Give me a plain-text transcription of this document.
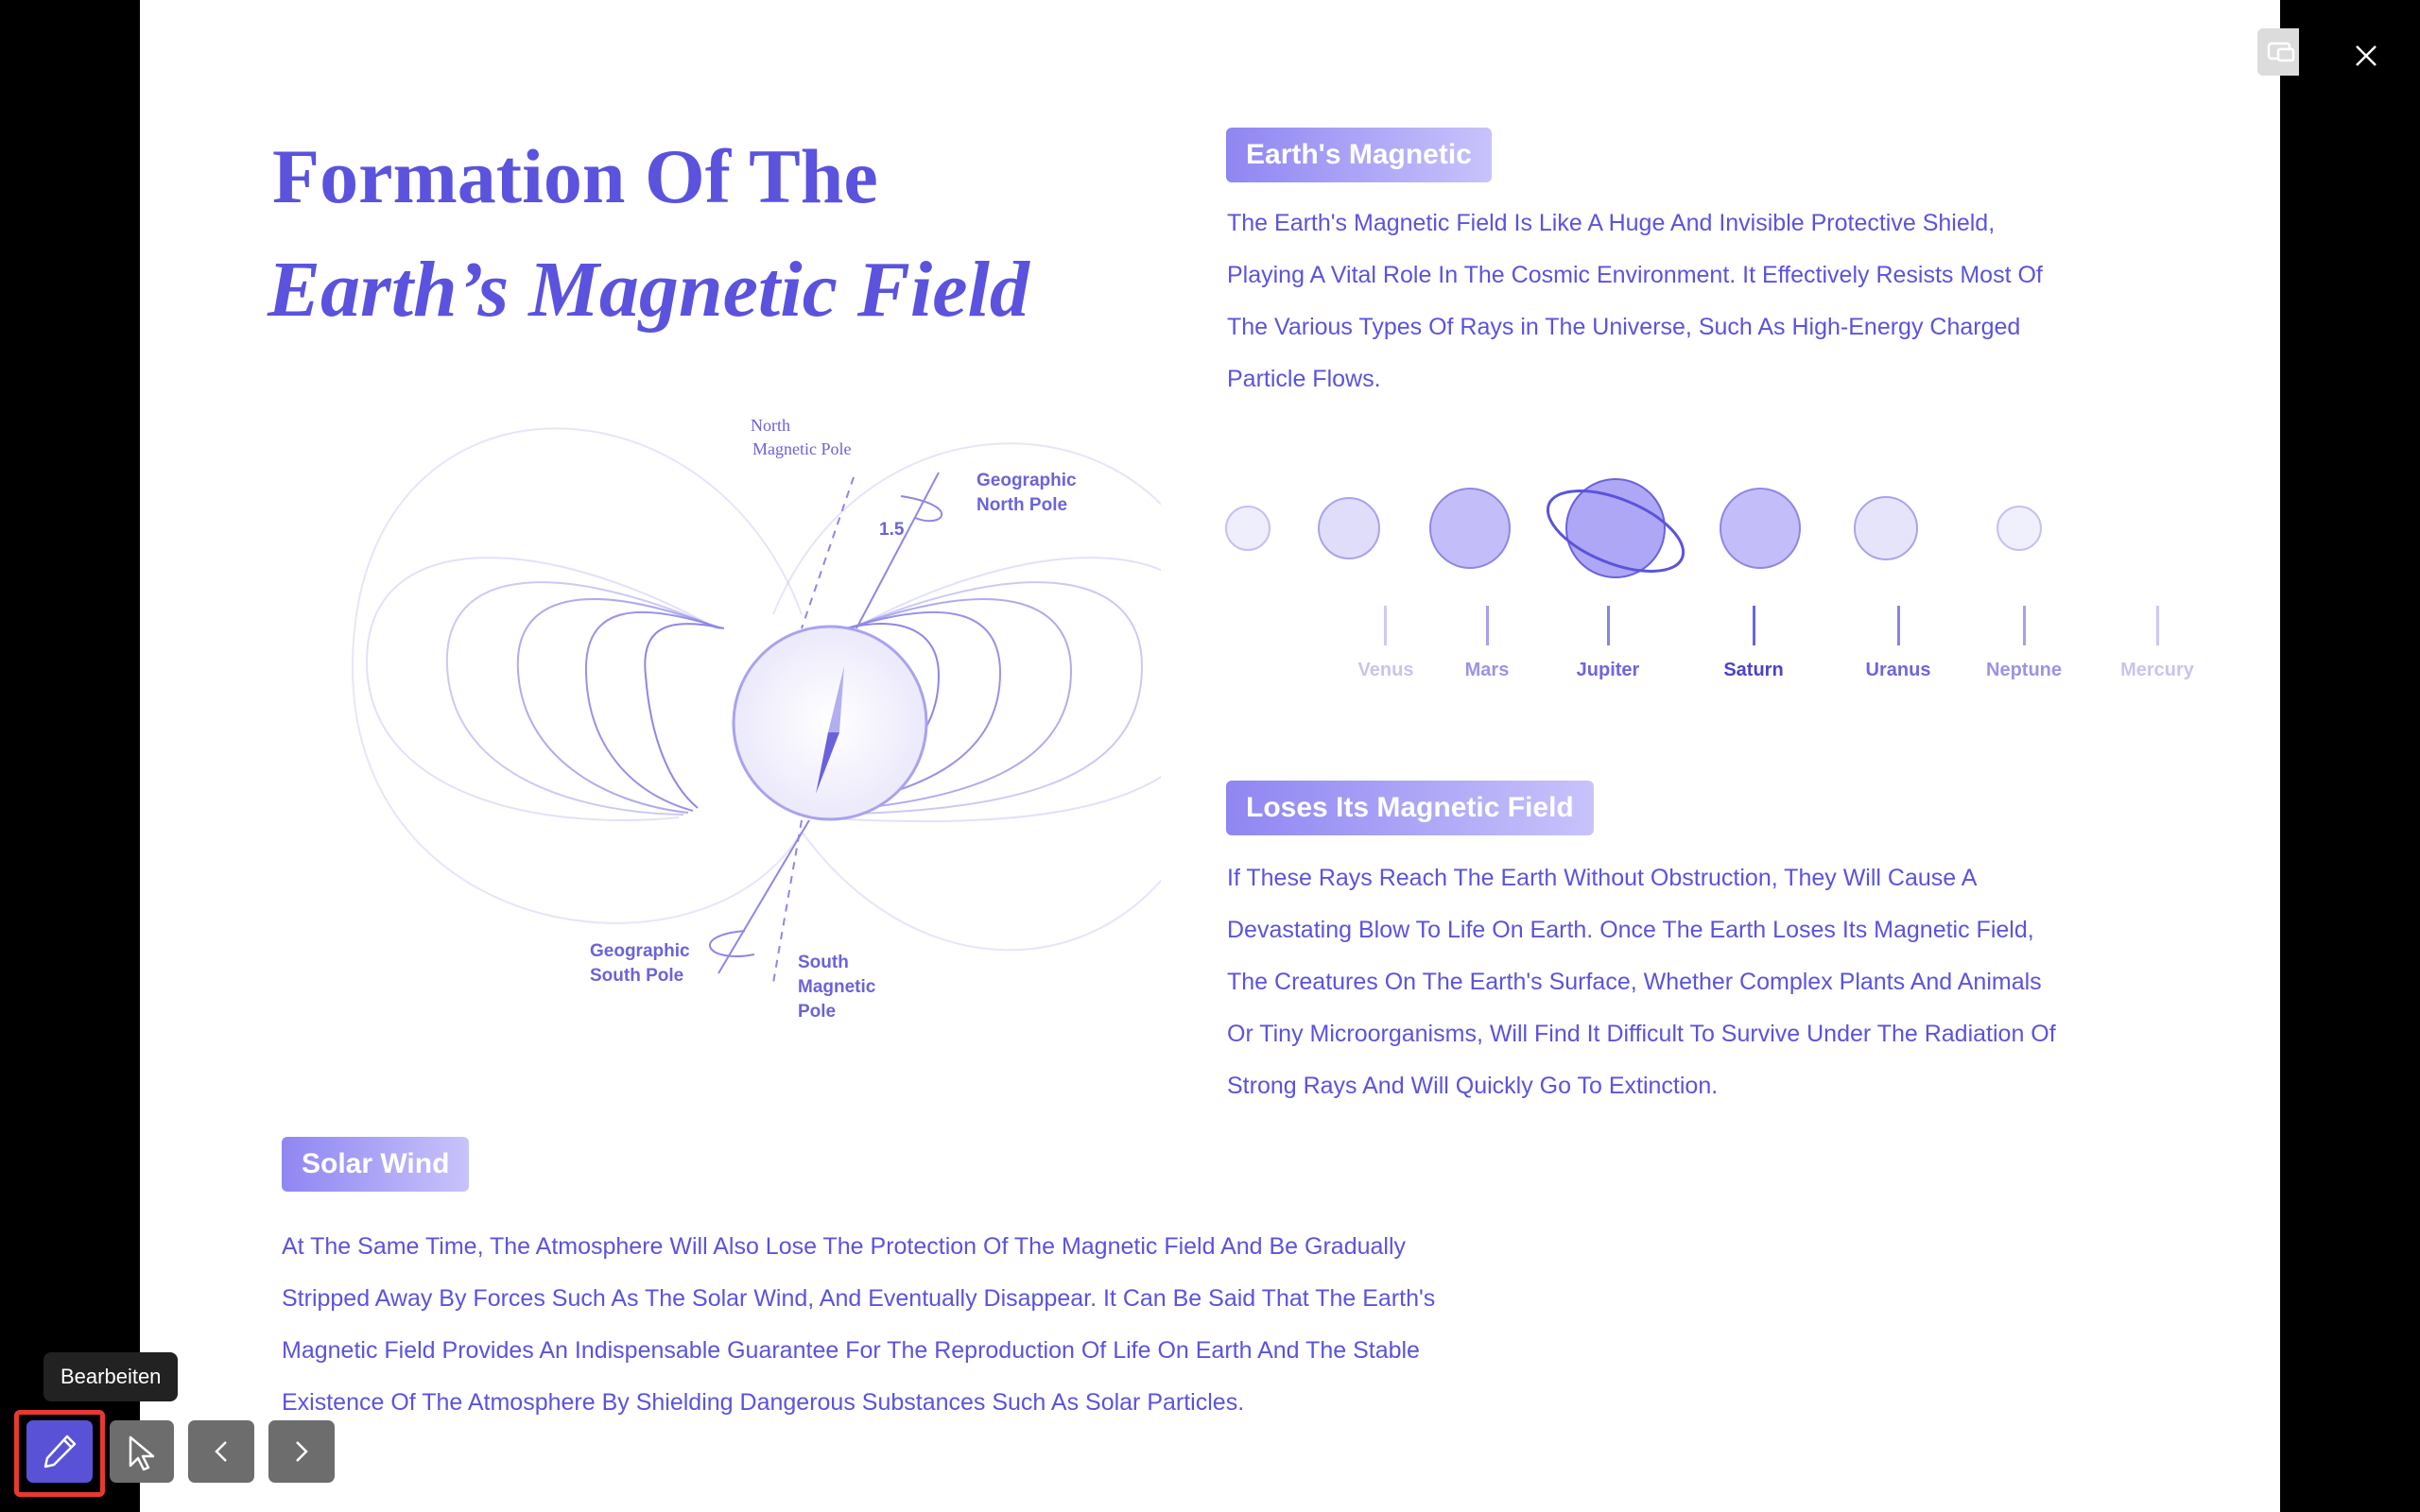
Formation Of The
Earth’s Magnetic Field
North
Magnetic Pole
Geographic
North Pole
1.5
Geographic
South Pole
South
Magnetic
Pole
Earth's Magnetic

The Earth's Magnetic Field Is Like A Huge And Invisible Protective Shield, Playing A Vital Role In The Cosmic Environment. It Effectively Resists Most Of The Various Types Of Rays in The Universe, Such As High-Energy Charged Particle Flows.

Venus	Mars	Jupiter	Saturn	Uranus	Neptune	Mercury
Loses Its Magnetic Field

If These Rays Reach The Earth Without Obstruction, They Will Cause A Devastating Blow To Life On Earth. Once The Earth Loses Its Magnetic Field, The Creatures On The Earth's Surface, Whether Complex Plants And Animals Or Tiny Microorganisms, Will Find It Difficult To Survive Under The Radiation Of Strong Rays And Will Quickly Go To Extinction.

Solar Wind

At The Same Time, The Atmosphere Will Also Lose The Protection Of The Magnetic Field And Be Gradually Stripped Away By Forces Such As The Solar Wind, And Eventually Disappear. It Can Be Said That The Earth's Magnetic Field Provides An Indispensable Guarantee For The Reproduction Of Life On Earth And The Stable Existence Of The Atmosphere By Shielding Dangerous Substances Such As Solar Particles.

Bearbeiten
